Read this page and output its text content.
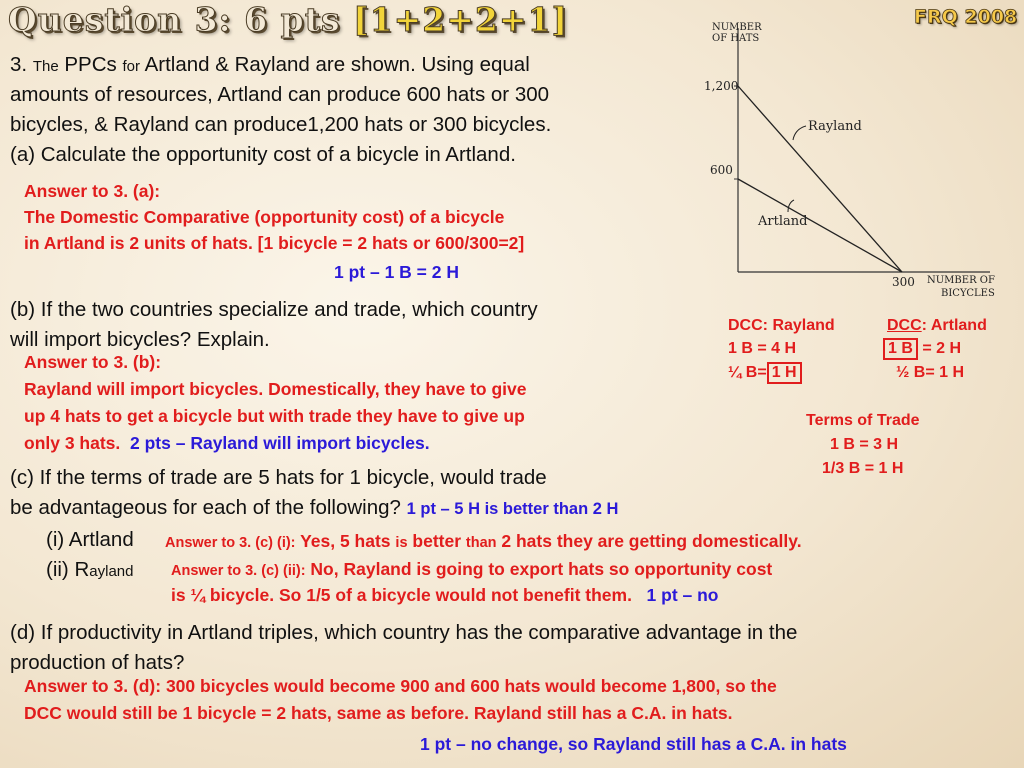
Question 3: 6 pts [1+2+2+1]	FRQ 2008
3. The PPCs for Artland & Rayland are shown. Using equal
amounts of resources, Artland can produce 600 hats or 300
bicycles, & Rayland can produce1,200 hats or 300 bicycles.
(a) Calculate the opportunity cost of a bicycle in Artland.
Answer to 3. (a):
The Domestic Comparative (opportunity cost) of a bicycle
in Artland is 2 units of hats. [1 bicycle = 2 hats or 600/300=2]
1 pt – 1 B = 2 H
(b) If the two countries specialize and trade, which country
will import bicycles? Explain.
Answer to 3. (b):
Rayland will import bicycles. Domestically, they have to give
up 4 hats to get a bicycle but with trade they have to give up
only 3 hats. 2 pts – Rayland will import bicycles.
(c) If the terms of trade are 5 hats for 1 bicycle, would trade
be advantageous for each of the following? 1 pt – 5 H is better than 2 H
(i) Artland Answer to 3. (c) (i): Yes, 5 hats is better than 2 hats they are getting domestically.
(ii) Rayland	Answer to 3. (c) (ii): No, Rayland is going to export hats so opportunity cost
is ¼ bicycle. So 1/5 of a bicycle would not benefit them. 1 pt – no
(d) If productivity in Artland triples, which country has the comparative advantage in the
production of hats?
Answer to 3. (d): 300 bicycles would become 900 and 600 hats would become 1,800, so the
DCC would still be 1 bicycle = 2 hats, same as before. Rayland still has a C.A. in hats.
1 pt – no change, so Rayland still has a C.A. in hats
DCC: Rayland
1 B = 4 H
¼ B= 1 H
DCC: Artland
1 B = 2 H
½ B= 1 H
Terms of Trade
1 B = 3 H
1/3 B = 1 H
NUMBER
OF HATS
NUMBER OF
BICYCLES
1,200
600
300
Rayland
Artland
